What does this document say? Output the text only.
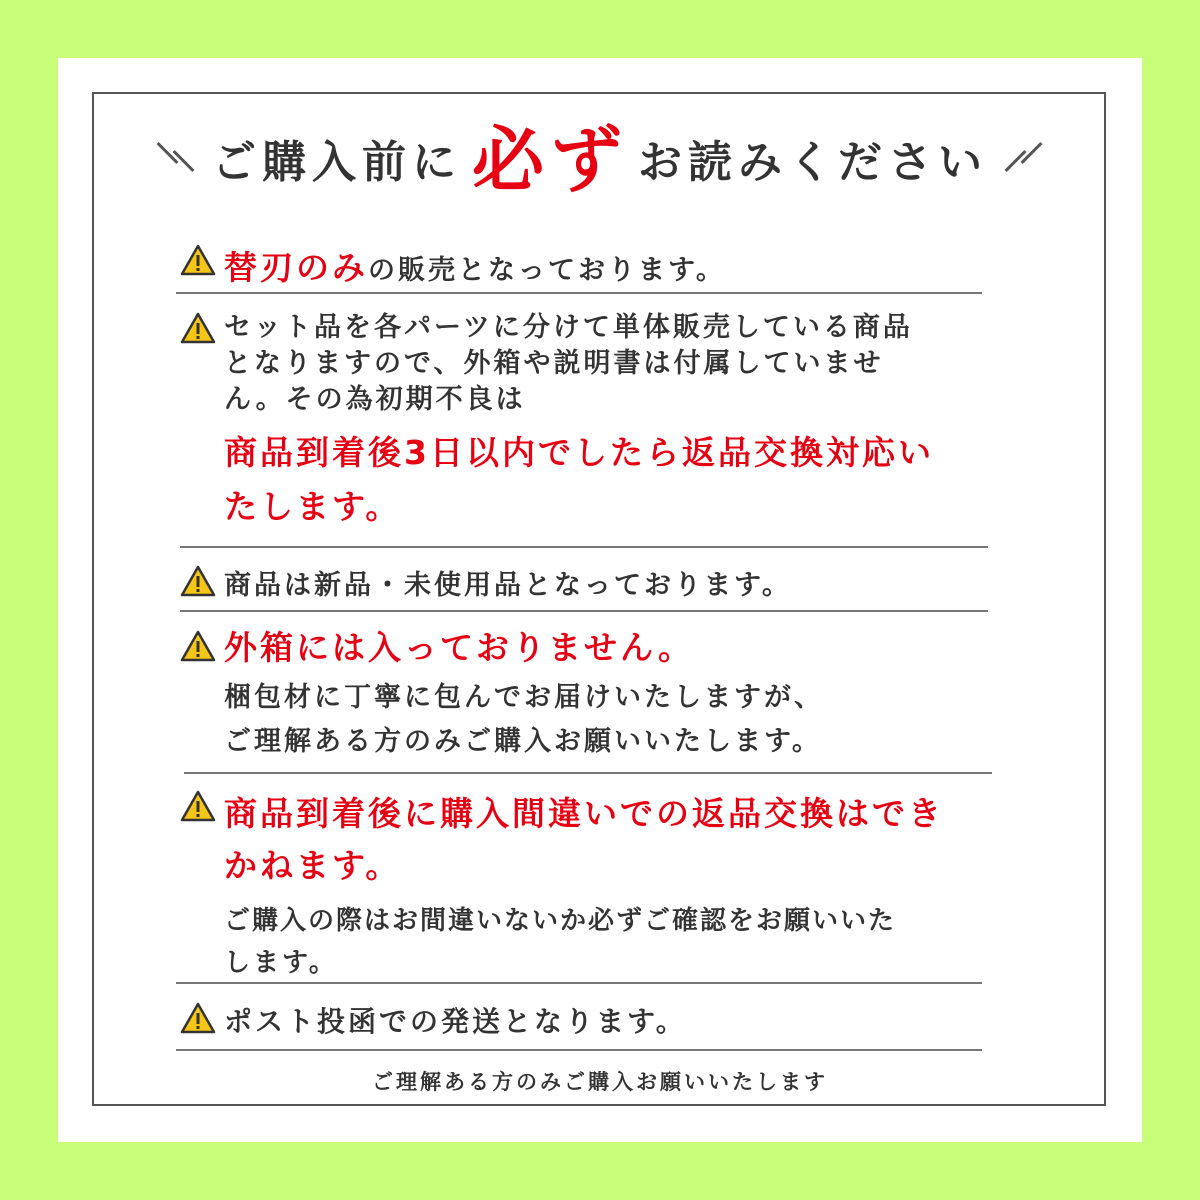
ご購入前に 必ず お読みください
替刃のみの販売となっております。
セット品を各パーツに分けて単体販売している商品
となりますので、外箱や説明書は付属していませ
ん。その為初期不良は
商品到着後3日以内でしたら返品交換対応い
たします。
商品は新品・未使用品となっております。
外箱には入っておりません。
梱包材に丁寧に包んでお届けいたしますが、
ご理解ある方のみご購入お願いいたします。
商品到着後に購入間違いでの返品交換はでき
かねます。
ご購入の際はお間違いないか必ずご確認をお願いいた
します。
ポスト投函での発送となります。
ご理解ある方のみご購入お願いいたします
